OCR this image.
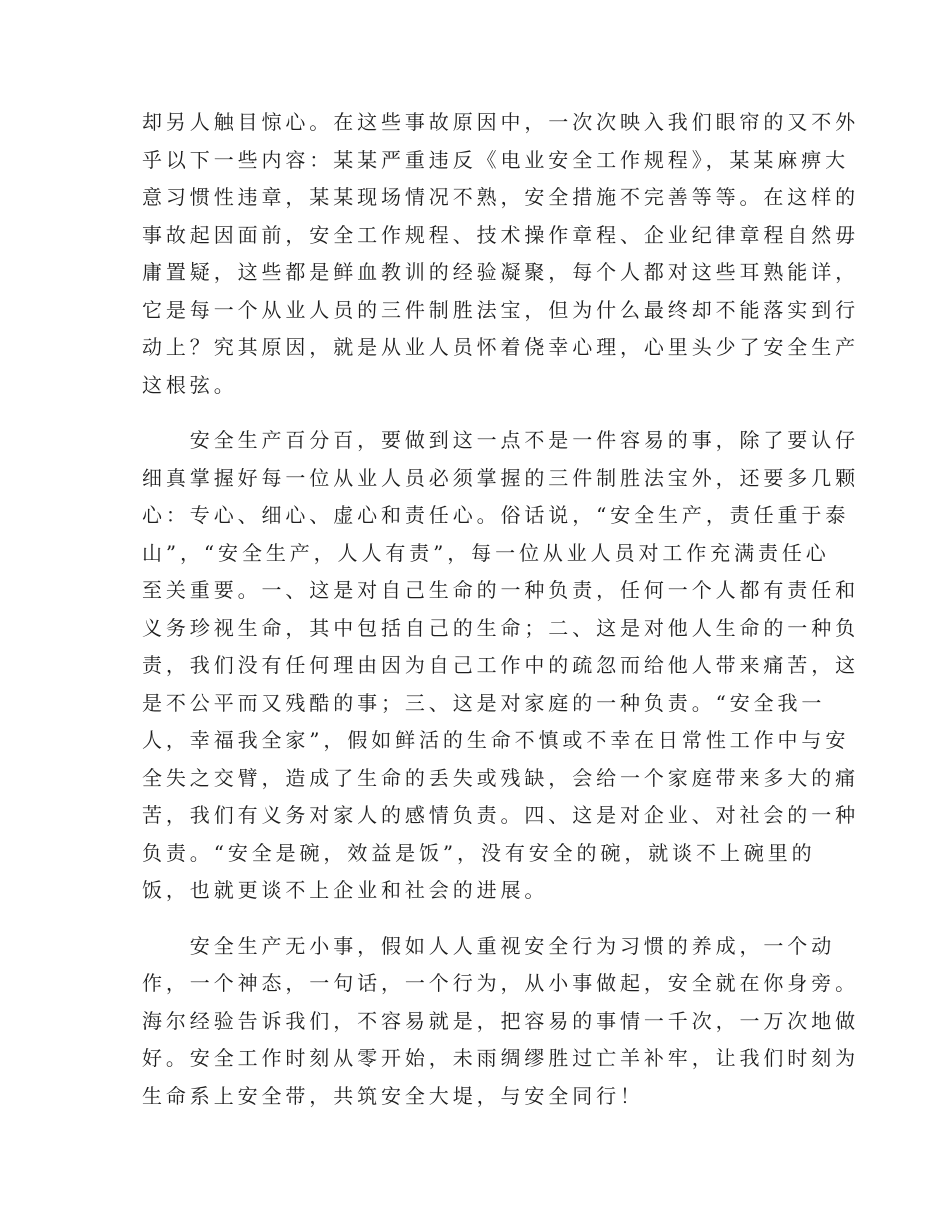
却另人触目惊心。在这些事故原因中，一次次映入我们眼帘的又不外
乎以下一些内容：某某严重违反《电业安全工作规程》，某某麻痹大
意习惯性违章，某某现场情况不熟，安全措施不完善等等。在这样的
事故起因面前，安全工作规程、技术操作章程、企业纪律章程自然毋
庸置疑，这些都是鲜血教训的经验凝聚，每个人都对这些耳熟能详，
它是每一个从业人员的三件制胜法宝，但为什么最终却不能落实到行
动上？究其原因，就是从业人员怀着侥幸心理，心里头少了安全生产
这根弦。
　　安全生产百分百，要做到这一点不是一件容易的事，除了要认仔
细真掌握好每一位从业人员必须掌握的三件制胜法宝外，还要多几颗
心：专心、细心、虚心和责任心。俗话说，“安全生产，责任重于泰
山”，“安全生产，人人有责”，每一位从业人员对工作充满责任心
至关重要。一、这是对自己生命的一种负责，任何一个人都有责任和
义务珍视生命，其中包括自己的生命；二、这是对他人生命的一种负
责，我们没有任何理由因为自己工作中的疏忽而给他人带来痛苦，这
是不公平而又残酷的事；三、这是对家庭的一种负责。“安全我一
人，幸福我全家”，假如鲜活的生命不慎或不幸在日常性工作中与安
全失之交臂，造成了生命的丢失或残缺，会给一个家庭带来多大的痛
苦，我们有义务对家人的感情负责。四、这是对企业、对社会的一种
负责。“安全是碗，效益是饭”，没有安全的碗，就谈不上碗里的
饭，也就更谈不上企业和社会的进展。
　　安全生产无小事，假如人人重视安全行为习惯的养成，一个动
作，一个神态，一句话，一个行为，从小事做起，安全就在你身旁。
海尔经验告诉我们，不容易就是，把容易的事情一千次，一万次地做
好。安全工作时刻从零开始，未雨绸缪胜过亡羊补牢，让我们时刻为
生命系上安全带，共筑安全大堤，与安全同行！
